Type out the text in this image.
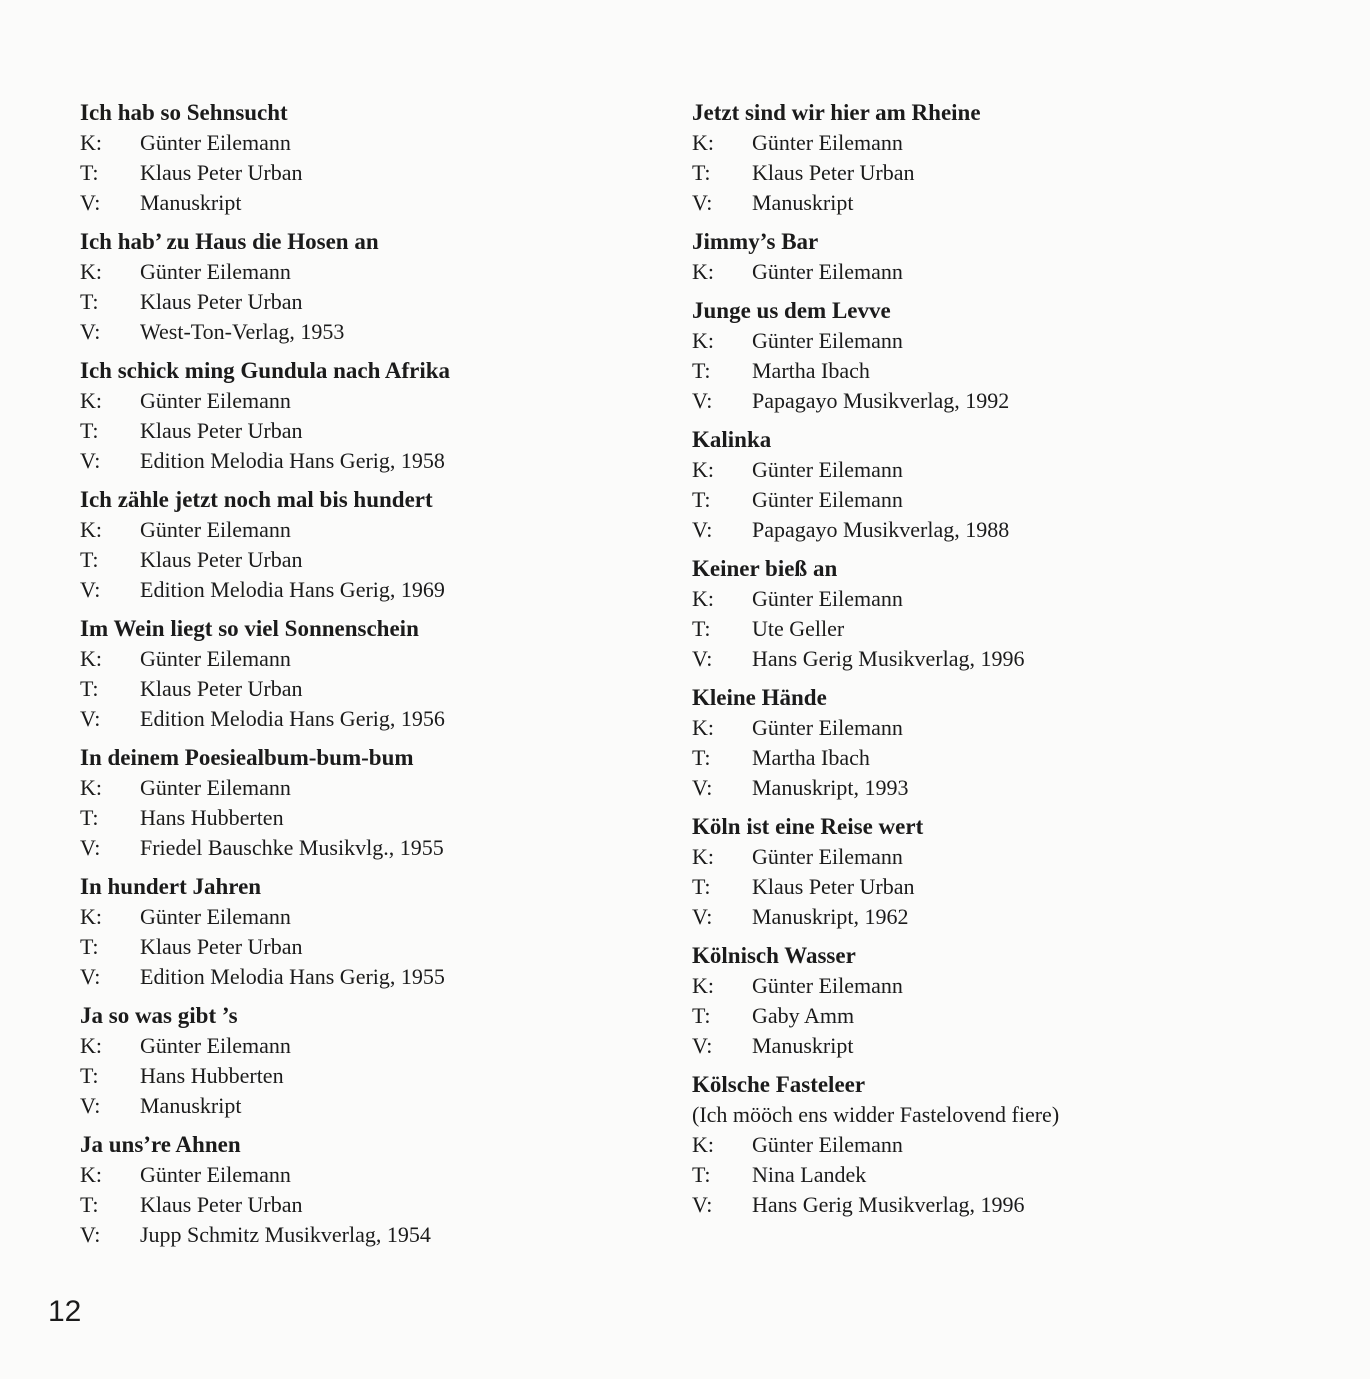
Ich hab so Sehnsucht
K:	Günter Eilemann
T:	Klaus Peter Urban
V:	Manuskript
Ich hab’ zu Haus die Hosen an
K:	Günter Eilemann
T:	Klaus Peter Urban
V:	West-Ton-Verlag, 1953
Ich schick ming Gundula nach Afrika
K:	Günter Eilemann
T:	Klaus Peter Urban
V:	Edition Melodia Hans Gerig, 1958
Ich zähle jetzt noch mal bis hundert
K:	Günter Eilemann
T:	Klaus Peter Urban
V:	Edition Melodia Hans Gerig, 1969
Im Wein liegt so viel Sonnenschein
K:	Günter Eilemann
T:	Klaus Peter Urban
V:	Edition Melodia Hans Gerig, 1956
In deinem Poesiealbum-bum-bum
K:	Günter Eilemann
T:	Hans Hubberten
V:	Friedel Bauschke Musikvlg., 1955
In hundert Jahren
K:	Günter Eilemann
T:	Klaus Peter Urban
V:	Edition Melodia Hans Gerig, 1955
Ja so was gibt ’s
K:	Günter Eilemann
T:	Hans Hubberten
V:	Manuskript
Ja uns’re Ahnen
K:	Günter Eilemann
T:	Klaus Peter Urban
V:	Jupp Schmitz Musikverlag, 1954
Jetzt sind wir hier am Rheine
K:	Günter Eilemann
T:	Klaus Peter Urban
V:	Manuskript
Jimmy’s Bar
K:	Günter Eilemann
Junge us dem Levve
K:	Günter Eilemann
T:	Martha Ibach
V:	Papagayo Musikverlag, 1992
Kalinka
K:	Günter Eilemann
T:	Günter Eilemann
V:	Papagayo Musikverlag, 1988
Keiner biеß an
K:	Günter Eilemann
T:	Ute Geller
V:	Hans Gerig Musikverlag, 1996
Kleine Hände
K:	Günter Eilemann
T:	Martha Ibach
V:	Manuskript, 1993
Köln ist eine Reise wert
K:	Günter Eilemann
T:	Klaus Peter Urban
V:	Manuskript, 1962
Kölnisch Wasser
K:	Günter Eilemann
T:	Gaby Amm
V:	Manuskript
Kölsche Fasteleer
(Ich mööch ens widder Fastelovend fiere)
K:	Günter Eilemann
T:	Nina Landek
V:	Hans Gerig Musikverlag, 1996
12
